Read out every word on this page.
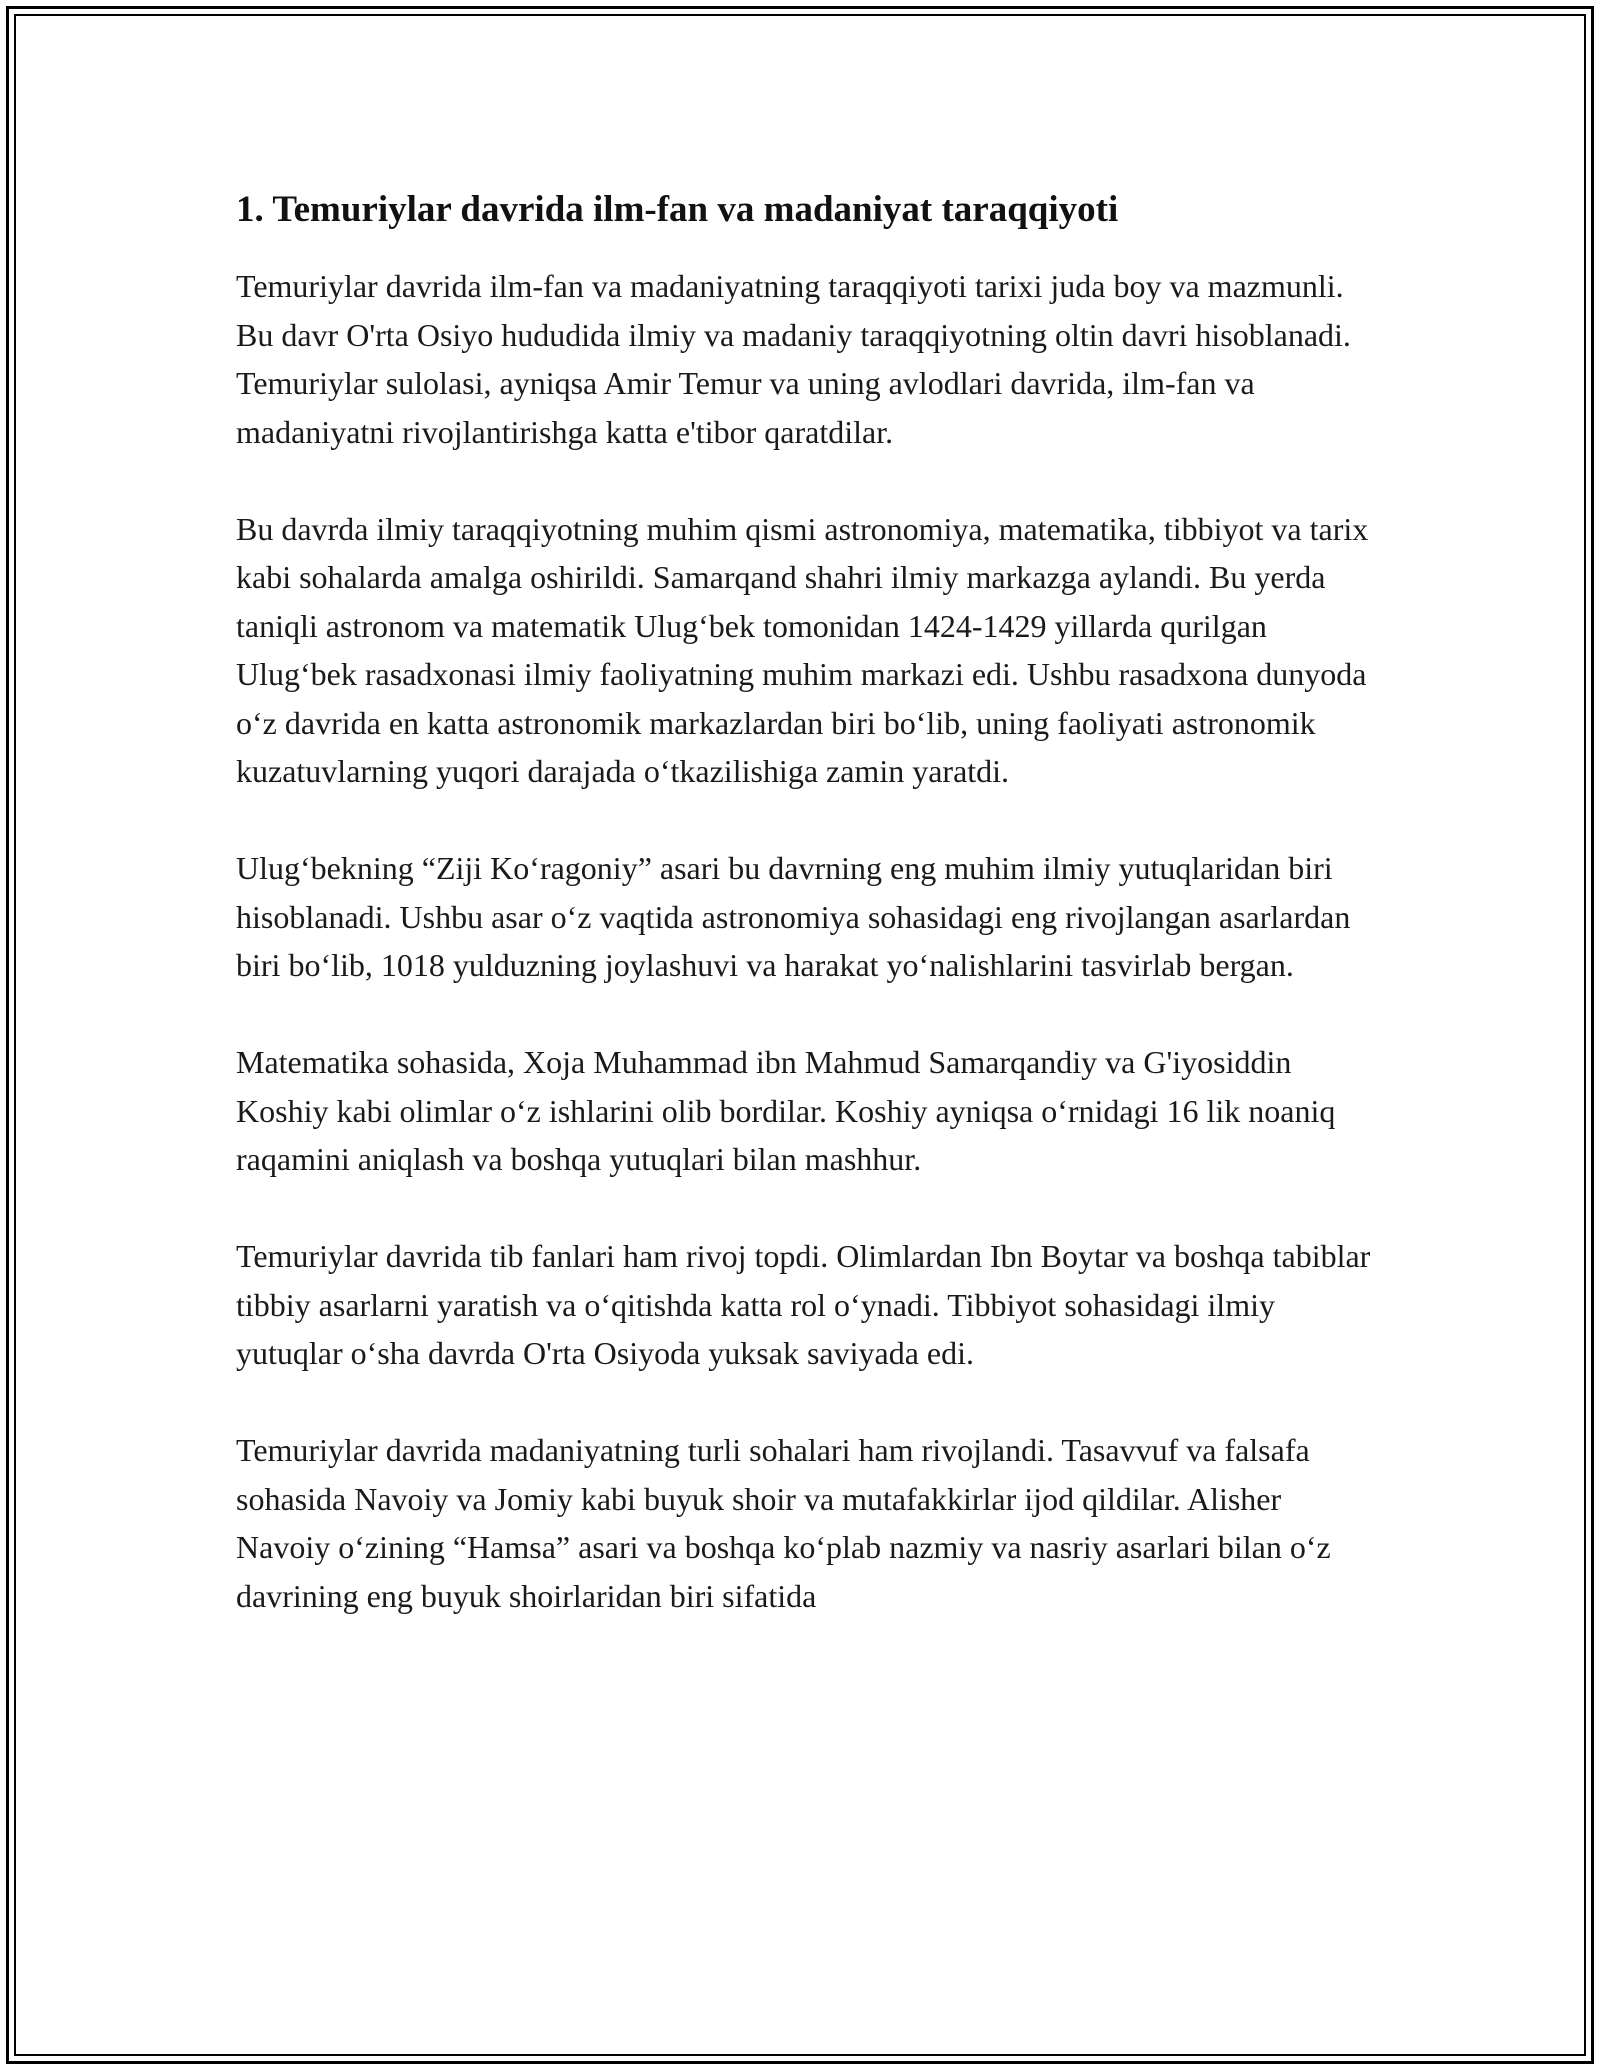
1. Temuriylar davrida ilm-fan va madaniyat taraqqiyoti

Temuriylar davrida ilm-fan va madaniyatning taraqqiyoti tarixi juda boy va mazmunli. Bu davr O'rta Osiyo hududida ilmiy va madaniy taraqqiyotning oltin davri hisoblanadi. Temuriylar sulolasi, ayniqsa Amir Temur va uning avlodlari davrida, ilm-fan va madaniyatni rivojlantirishga katta e'tibor qaratdilar.

Bu davrda ilmiy taraqqiyotning muhim qismi astronomiya, matematika, tibbiyot va tarix kabi sohalarda amalga oshirildi. Samarqand shahri ilmiy markazga aylandi. Bu yerda taniqli astronom va matematik Ulug‘bek tomonidan 1424-1429 yillarda qurilgan Ulug‘bek rasadxonasi ilmiy faoliyatning muhim markazi edi. Ushbu rasadxona dunyoda o‘z davrida en katta astronomik markazlardan biri bo‘lib, uning faoliyati astronomik kuzatuvlarning yuqori darajada o‘tkazilishiga zamin yaratdi.

Ulug‘bekning “Ziji Ko‘ragoniy” asari bu davrning eng muhim ilmiy yutuqlaridan biri hisoblanadi. Ushbu asar o‘z vaqtida astronomiya sohasidagi eng rivojlangan asarlardan biri bo‘lib, 1018 yulduzning joylashuvi va harakat yo‘nalishlarini tasvirlab bergan.

Matematika sohasida, Xoja Muhammad ibn Mahmud Samarqandiy va G'iyosiddin Koshiy kabi olimlar o‘z ishlarini olib bordilar. Koshiy ayniqsa o‘rnidagi 16 lik noaniq raqamini aniqlash va boshqa yutuqlari bilan mashhur.

Temuriylar davrida tib fanlari ham rivoj topdi. Olimlardan Ibn Boytar va boshqa tabiblar tibbiy asarlarni yaratish va o‘qitishda katta rol o‘ynadi. Tibbiyot sohasidagi ilmiy yutuqlar o‘sha davrda O'rta Osiyoda yuksak saviyada edi.

Temuriylar davrida madaniyatning turli sohalari ham rivojlandi. Tasavvuf va falsafa sohasida Navoiy va Jomiy kabi buyuk shoir va mutafakkirlar ijod qildilar. Alisher Navoiy o‘zining “Hamsa” asari va boshqa ko‘plab nazmiy va nasriy asarlari bilan o‘z davrining eng buyuk shoirlaridan biri sifatida
